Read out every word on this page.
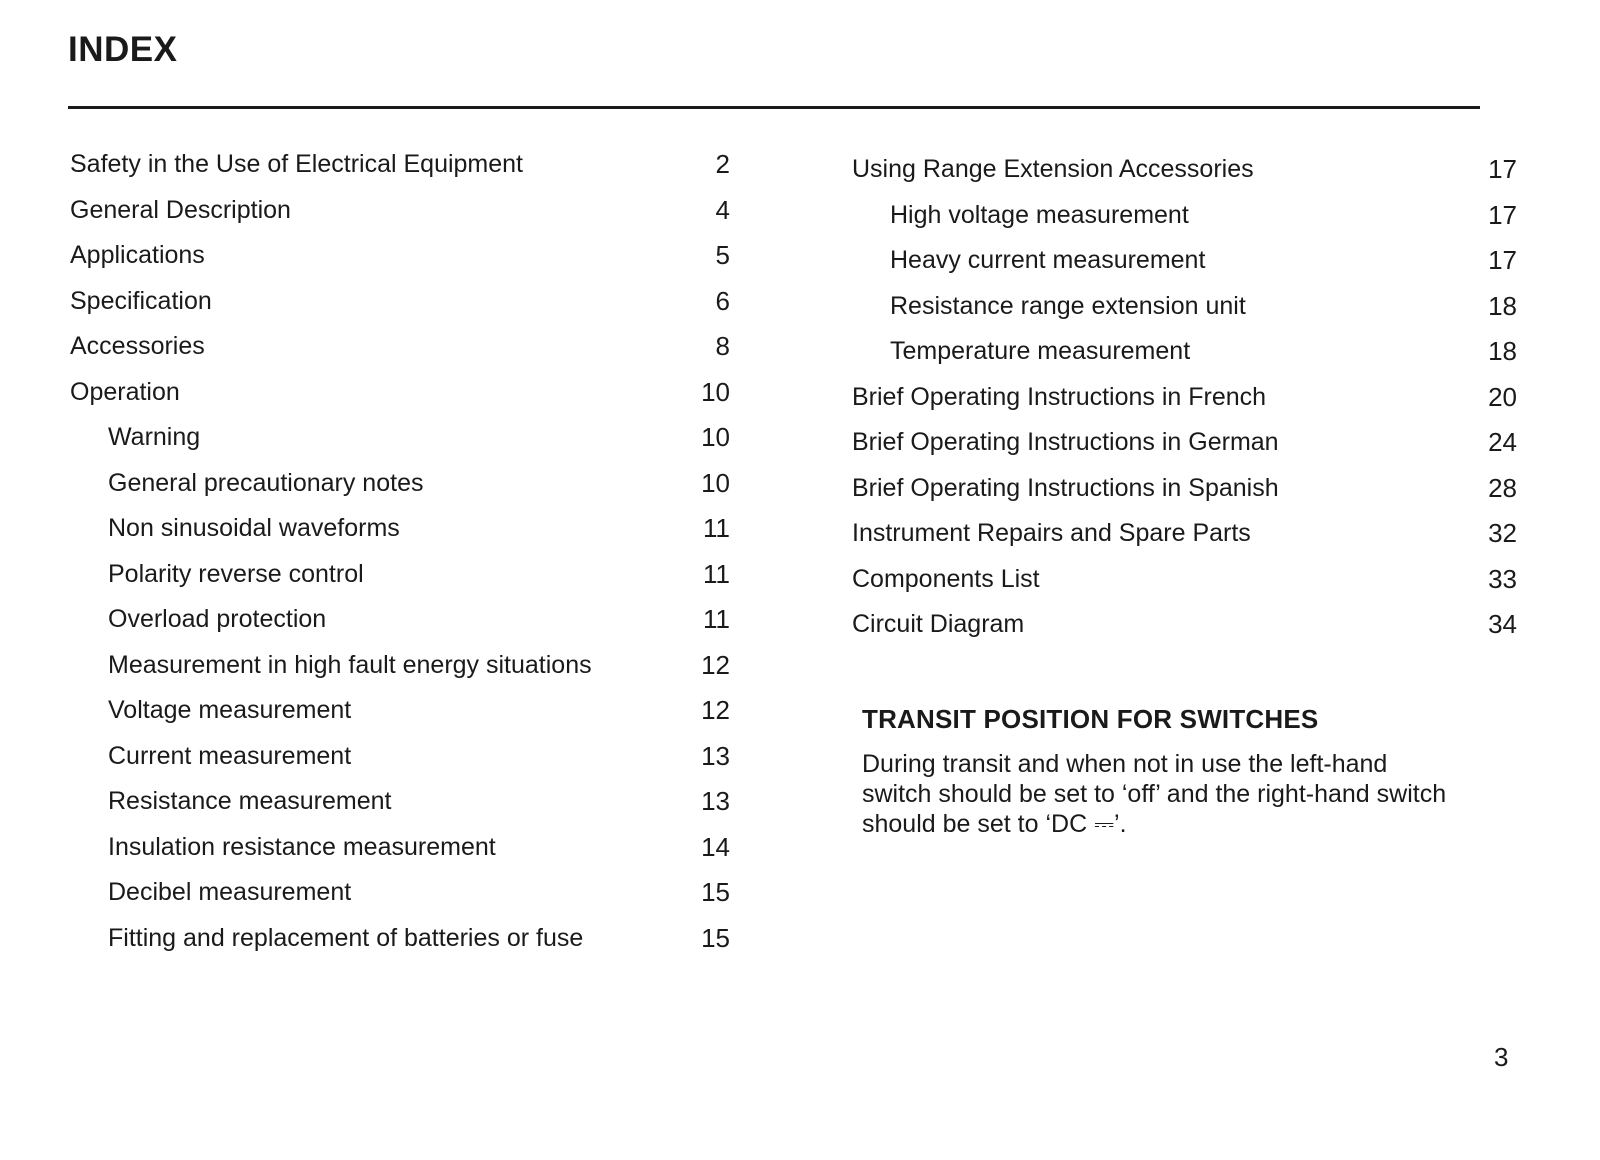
INDEX
Safety in the Use of Electrical Equipment	2
General Description	4
Applications	5
Specification	6
Accessories	8
Operation	10
Warning	10
General precautionary notes	10
Non sinusoidal waveforms	11
Polarity reverse control	11
Overload protection	11
Measurement in high fault energy situations	12
Voltage measurement	12
Current measurement	13
Resistance measurement	13
Insulation resistance measurement	14
Decibel measurement	15
Fitting and replacement of batteries or fuse	15
Using Range Extension Accessories	17
High voltage measurement	17
Heavy current measurement	17
Resistance range extension unit	18
Temperature measurement	18
Brief Operating Instructions in French	20
Brief Operating Instructions in German	24
Brief Operating Instructions in Spanish	28
Instrument Repairs and Spare Parts	32
Components List	33
Circuit Diagram	34
TRANSIT POSITION FOR SWITCHES

During transit and when not in use the left-hand
switch should be set to ‘off’ and the right-hand switch
should be set to ‘DC ⎓’.

3
